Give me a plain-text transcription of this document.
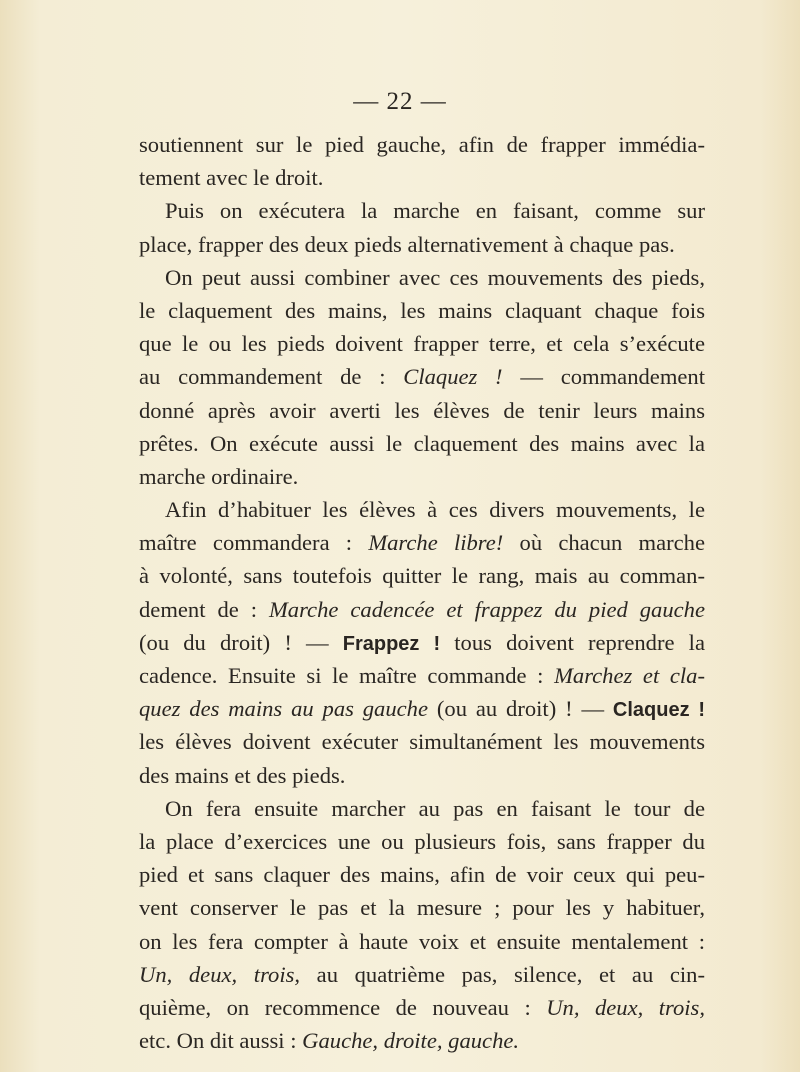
— 22 —
soutiennent sur le pied gauche, afin de frapper immédia-
tement avec le droit.
Puis on exécutera la marche en faisant, comme sur
place, frapper des deux pieds alternativement à chaque pas.
On peut aussi combiner avec ces mouvements des pieds,
le claquement des mains, les mains claquant chaque fois
que le ou les pieds doivent frapper terre, et cela s’exécute
au commandement de : Claquez ! — commandement
donné après avoir averti les élèves de tenir leurs mains
prêtes. On exécute aussi le claquement des mains avec la
marche ordinaire.
Afin d’habituer les élèves à ces divers mouvements, le
maître commandera : Marche libre! où chacun marche
à volonté, sans toutefois quitter le rang, mais au comman-
dement de : Marche cadencée et frappez du pied gauche
(ou du droit) ! — Frappez ! tous doivent reprendre la
cadence. Ensuite si le maître commande : Marchez et cla-
quez des mains au pas gauche (ou au droit) ! — Claquez !
les élèves doivent exécuter simultanément les mouvements
des mains et des pieds.
On fera ensuite marcher au pas en faisant le tour de
la place d’exercices une ou plusieurs fois, sans frapper du
pied et sans claquer des mains, afin de voir ceux qui peu-
vent conserver le pas et la mesure ; pour les y habituer,
on les fera compter à haute voix et ensuite mentalement :
Un, deux, trois, au quatrième pas, silence, et au cin-
quième, on recommence de nouveau : Un, deux, trois,
etc. On dit aussi : Gauche, droite, gauche.
